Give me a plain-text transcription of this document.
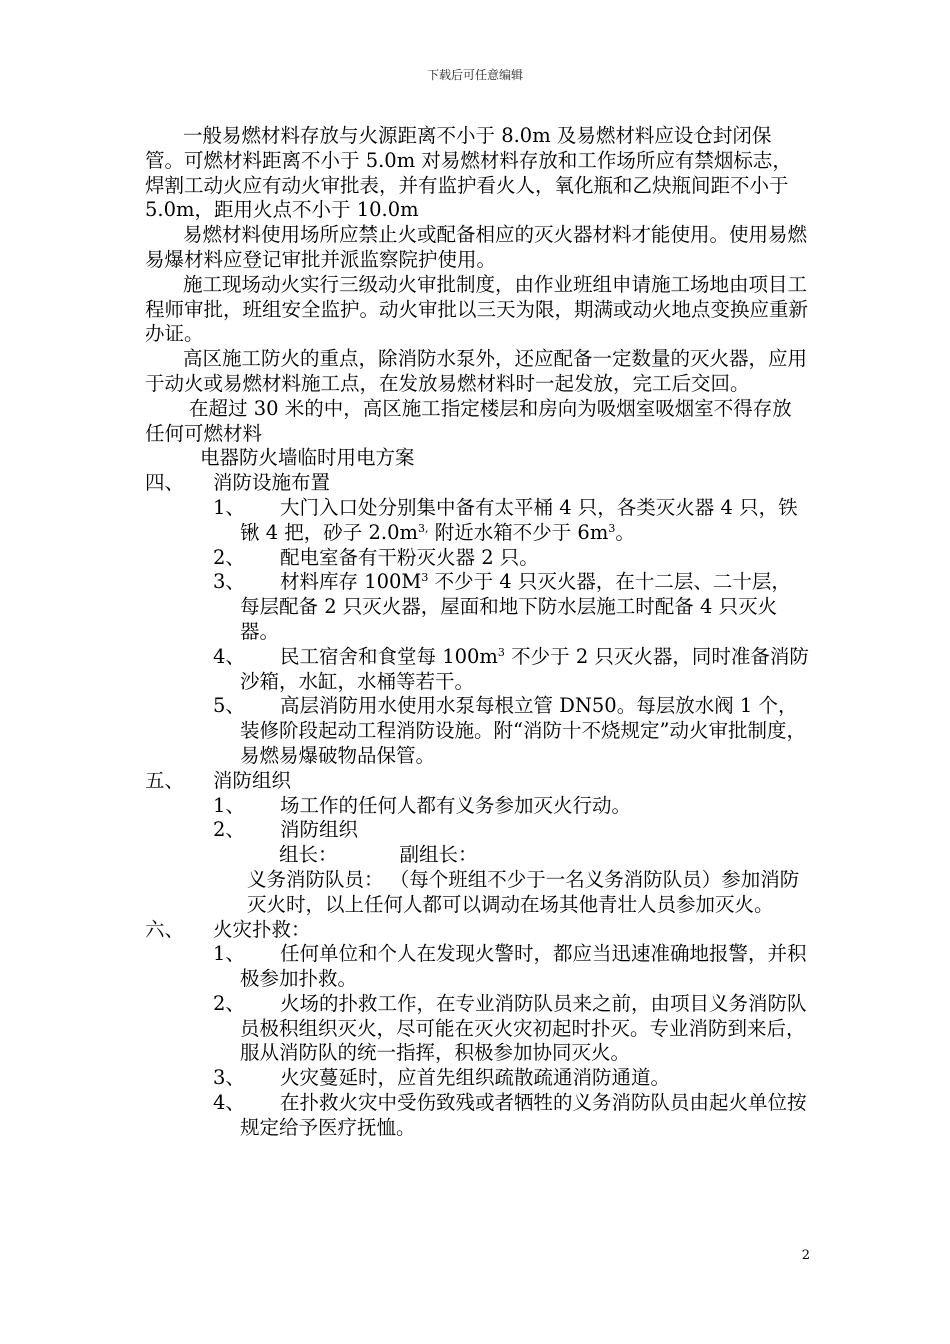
下载后可任意编辑
一般易燃材料存放与火源距离不小于 8.0m 及易燃材料应设仓封闭保管。可燃材料距离不小于 5.0m 对易燃材料存放和工作场所应有禁烟标志，焊割工动火应有动火审批表，并有监护看火人，氧化瓶和乙炔瓶间距不小于 5.0m，距用火点不小于 10.0m
易燃材料使用场所应禁止火或配备相应的灭火器材料才能使用。使用易燃易爆材料应登记审批并派监察院护使用。
施工现场动火实行三级动火审批制度，由作业班组申请施工场地由项目工程师审批，班组安全监护。动火审批以三天为限，期满或动火地点变换应重新办证。
高区施工防火的重点，除消防水泵外，还应配备一定数量的灭火器，应用于动火或易燃材料施工点，在发放易燃材料时一起发放，完工后交回。
在超过 30 米的中，高区施工指定楼层和房向为吸烟室吸烟室不得存放任何可燃材料
电器防火墙临时用电方案
四、 消防设施布置
1、	大门入口处分别集中备有太平桶 4 只，各类灭火器 4 只，铁锹 4 把，砂子 $2.0m^{3,}$ 附近水箱不少于 $6m^3$。
2、	配电室备有干粉灭火器 2 只。
3、	材料库存 $100M^3$ 不少于 4 只灭火器，在十二层、二十层，每层配备 2 只灭火器，屋面和地下防水层施工时配备 4 只灭火器。
4、	民工宿舍和食堂每 $100m^3$ 不少于 2 只灭火器，同时准备消防沙箱，水缸，水桶等若干。
5、	高层消防用水使用水泵每根立管 DN50。每层放水阀 1 个，装修阶段起动工程消防设施。附“消防十不烧规定”动火审批制度，易燃易爆破物品保管。
五、 消防组织
1、	场工作的任何人都有义务参加灭火行动。
2、	消防组织
组长：	副组长：
义务消防队员： （每个班组不少于一名义务消防队员）参加消防灭火时，以上任何人都可以调动在场其他青壮人员参加灭火。
六、 火灾扑救：
1、	任何单位和个人在发现火警时，都应当迅速准确地报警，并积极参加扑救。
2、	火场的扑救工作，在专业消防队员来之前，由项目义务消防队员极积组织灭火，尽可能在灭火灾初起时扑灭。专业消防到来后，服从消防队的统一指挥，积极参加协同灭火。
3、	火灾蔓延时，应首先组织疏散疏通消防通道。
4、	在扑救火灾中受伤致残或者牺牲的义务消防队员由起火单位按规定给予医疗抚恤。
2
